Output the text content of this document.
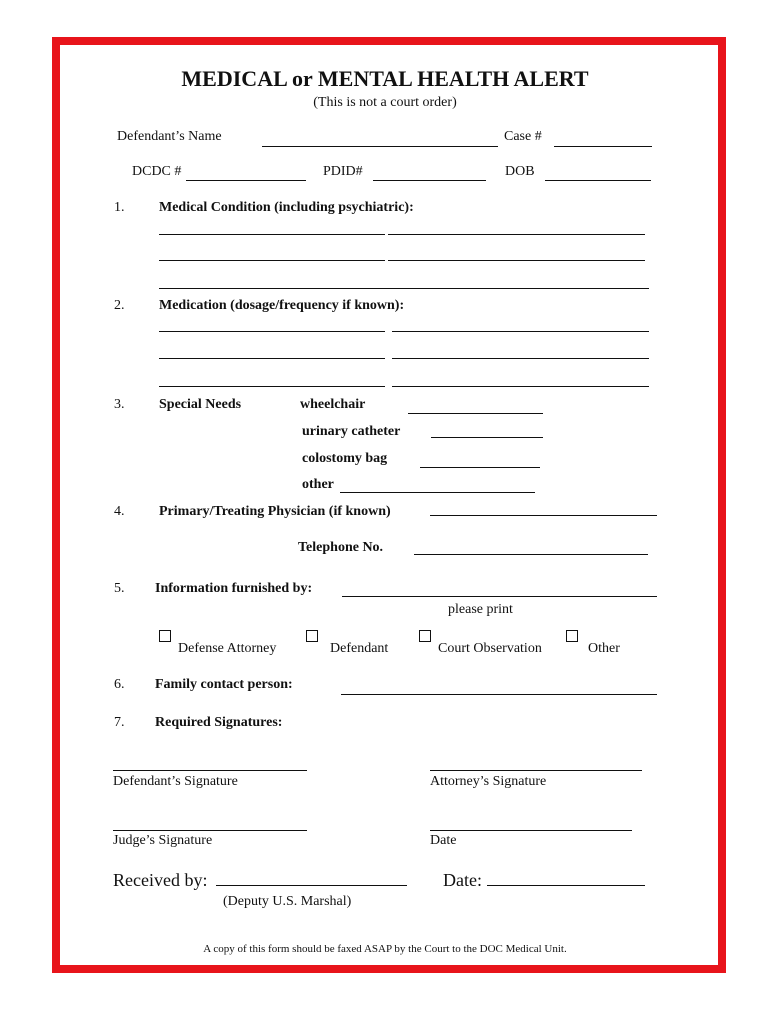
MEDICAL or MENTAL HEALTH ALERT
(This is not a court order)
Defendant’s Name	Case #
DCDC #	PDID#	DOB
1. Medical Condition (including psychiatric):
2. Medication (dosage/frequency if known):
3. Special Needs	wheelchair
urinary catheter
colostomy bag
other
4. Primary/Treating Physician (if known)
Telephone No.
5. Information furnished by:
please print
Defense Attorney	Defendant	Court Observation	Other
6. Family contact person:
7. Required Signatures:
Defendant’s Signature	Attorney’s Signature
Judge’s Signature	Date
Received by:
(Deputy U.S. Marshal)
Date:
A copy of this form should be faxed ASAP by the Court to the DOC Medical Unit.
